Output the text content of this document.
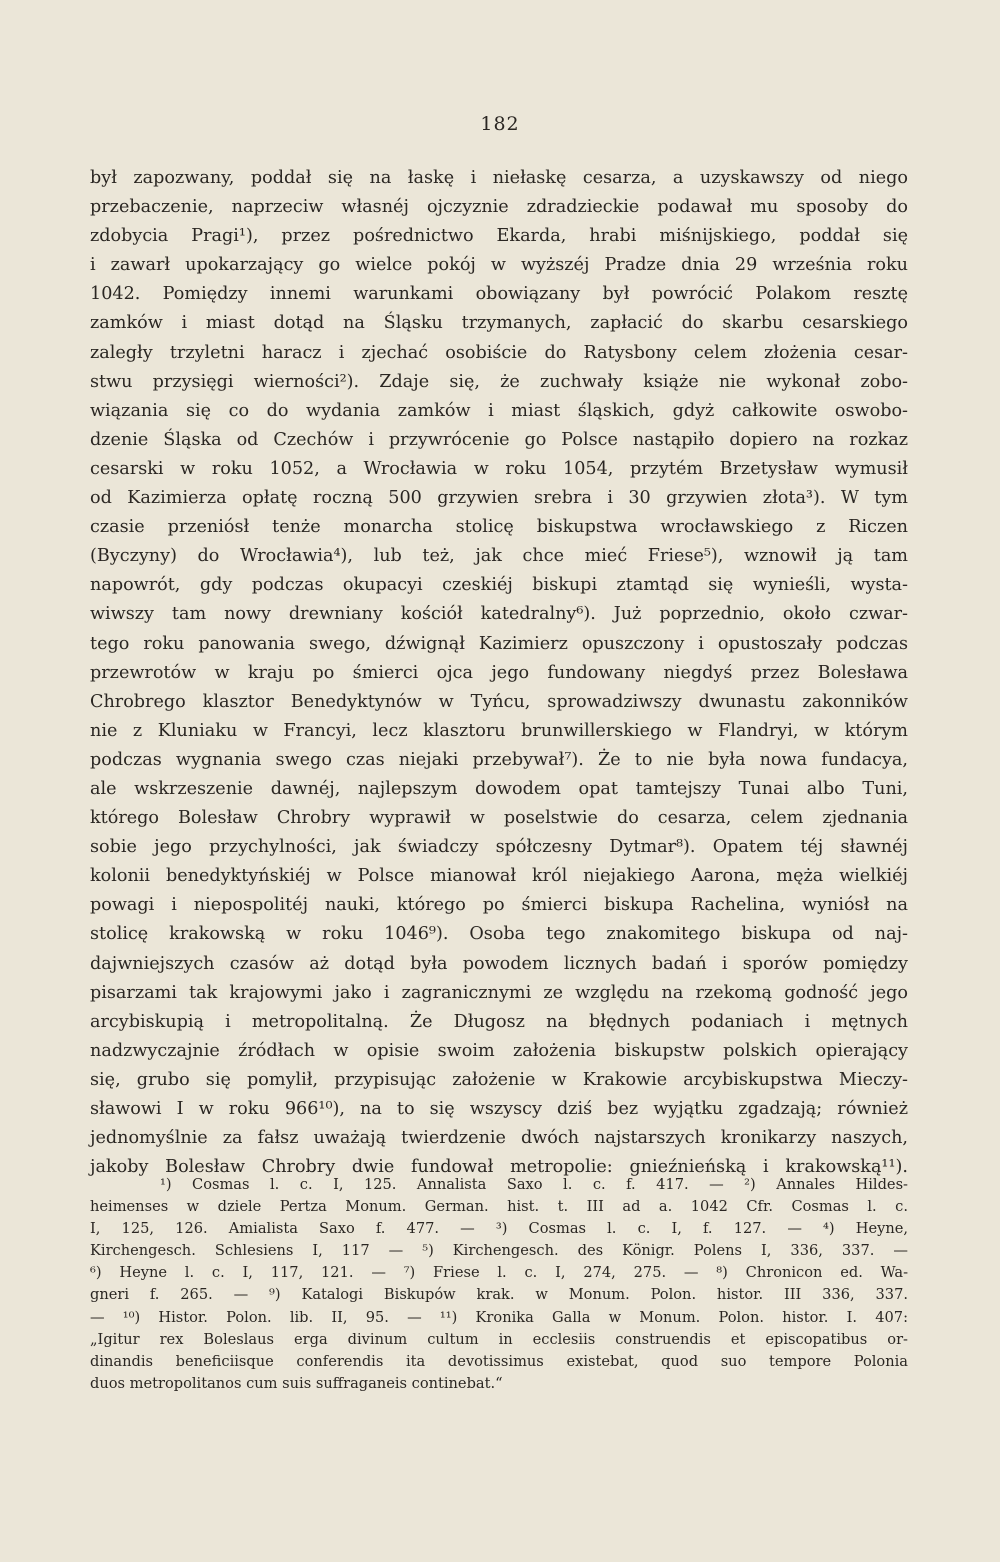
182
był zapozwany, poddał się na łaskę i niełaskę cesarza, a uzyskawszy od niego
przebaczenie, naprzeciw własnéj ojczyznie zdradzieckie podawał mu sposoby do
zdobycia Pragi¹), przez pośrednictwo Ekarda, hrabi miśnijskiego, poddał się
i zawarł upokarzający go wielce pokój w wyższéj Pradze dnia 29 września roku
1042. Pomiędzy innemi warunkami obowiązany był powrócić Polakom resztę
zamków i miast dotąd na Śląsku trzymanych, zapłacić do skarbu cesarskiego
zaległy trzyletni haracz i zjechać osobiście do Ratysbony celem złożenia cesar-
stwu przysięgi wierności²). Zdaje się, że zuchwały książe nie wykonał zobo-
wiązania się co do wydania zamków i miast śląskich, gdyż całkowite oswobo-
dzenie Śląska od Czechów i przywrócenie go Polsce nastąpiło dopiero na rozkaz
cesarski w roku 1052, a Wrocławia w roku 1054, przytém Brzetysław wymusił
od Kazimierza opłatę roczną 500 grzywien srebra i 30 grzywien złota³). W tym
czasie przeniósł tenże monarcha stolicę biskupstwa wrocławskiego z Riczen
(Byczyny) do Wrocławia⁴), lub też, jak chce mieć Friese⁵), wznowił ją tam
napowrót, gdy podczas okupacyi czeskiéj biskupi ztamtąd się wynieśli, wysta-
wiwszy tam nowy drewniany kościół katedralny⁶). Już poprzednio, około czwar-
tego roku panowania swego, dźwignął Kazimierz opuszczony i opustoszały podczas
przewrotów w kraju po śmierci ojca jego fundowany niegdyś przez Bolesława
Chrobrego klasztor Benedyktynów w Tyńcu, sprowadziwszy dwunastu zakonników
nie z Kluniaku w Francyi, lecz klasztoru brunwillerskiego w Flandryi, w którym
podczas wygnania swego czas niejaki przebywał⁷). Że to nie była nowa fundacya,
ale wskrzeszenie dawnéj, najlepszym dowodem opat tamtejszy Tunai albo Tuni,
którego Bolesław Chrobry wyprawił w poselstwie do cesarza, celem zjednania
sobie jego przychylności, jak świadczy spółczesny Dytmar⁸). Opatem téj sławnéj
kolonii benedyktyńskiéj w Polsce mianował król niejakiego Aarona, męża wielkiéj
powagi i niepospolitéj nauki, którego po śmierci biskupa Rachelina, wyniósł na
stolicę krakowską w roku 1046⁹). Osoba tego znakomitego biskupa od naj-
dajwniejszych czasów aż dotąd była powodem licznych badań i sporów pomiędzy
pisarzami tak krajowymi jako i zagranicznymi ze względu na rzekomą godność jego
arcybiskupią i metropolitalną. Że Długosz na błędnych podaniach i mętnych
nadzwyczajnie źródłach w opisie swoim założenia biskupstw polskich opierający
się, grubo się pomylił, przypisując założenie w Krakowie arcybiskupstwa Mieczy-
sławowi I w roku 966¹⁰), na to się wszyscy dziś bez wyjątku zgadzają; również
jednomyślnie za fałsz uważają twierdzenie dwóch najstarszych kronikarzy naszych,
jakoby Bolesław Chrobry dwie fundował metropolie: gnieźnieńską i krakowską¹¹).
¹) Cosmas l. c. I, 125. Annalista Saxo l. c. f. 417. — ²) Annales Hildes-
heimenses w dziele Pertza Monum. German. hist. t. III ad a. 1042 Cfr. Cosmas l. c.
I, 125, 126. Amialista Saxo f. 477. — ³) Cosmas l. c. I, f. 127. — ⁴) Heyne,
Kirchengesch. Schlesiens I, 117 — ⁵) Kirchengesch. des Königr. Polens I, 336, 337. —
⁶) Heyne l. c. I, 117, 121. — ⁷) Friese l. c. I, 274, 275. — ⁸) Chronicon ed. Wa-
gneri f. 265. — ⁹) Katalogi Biskupów krak. w Monum. Polon. histor. III 336, 337.
— ¹⁰) Histor. Polon. lib. II, 95. — ¹¹) Kronika Galla w Monum. Polon. histor. I. 407:
„Igitur rex Boleslaus erga divinum cultum in ecclesiis construendis et episcopatibus or-
dinandis beneficiisque conferendis ita devotissimus existebat, quod suo tempore Polonia
duos metropolitanos cum suis suffraganeis continebat.“
